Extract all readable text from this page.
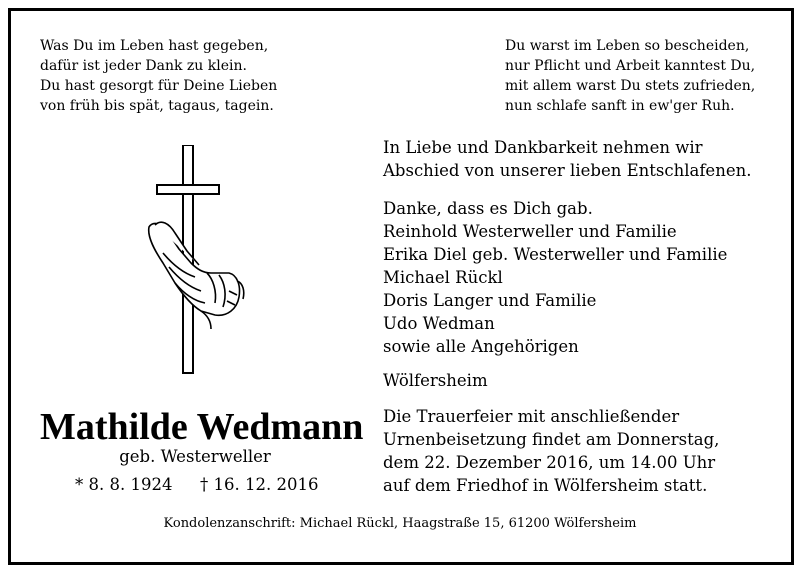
Was Du im Leben hast gegeben,
dafür ist jeder Dank zu klein.
Du hast gesorgt für Deine Lieben
von früh bis spät, tagaus, tagein.
Du warst im Leben so bescheiden,
nur Pflicht und Arbeit kanntest Du,
mit allem warst Du stets zufrieden,
nun schlafe sanft in ew'ger Ruh.
In Liebe und Dankbarkeit nehmen wir
Abschied von unserer lieben Entschlafenen.
Danke, dass es Dich gab.
Reinhold Westerweller und Familie
Erika Diel geb. Westerweller und Familie
Michael Rückl
Doris Langer und Familie
Udo Wedman
sowie alle Angehörigen
Wölfersheim
Die Trauerfeier mit anschließender
Urnenbeisetzung findet am Donnerstag,
dem 22. Dezember 2016, um 14.00 Uhr
auf dem Friedhof in Wölfersheim statt.
Mathilde Wedmann
geb. Westerweller
* 8. 8. 1924 † 16. 12. 2016
Kondolenzanschrift: Michael Rückl, Haagstraße 15, 61200 Wölfersheim
